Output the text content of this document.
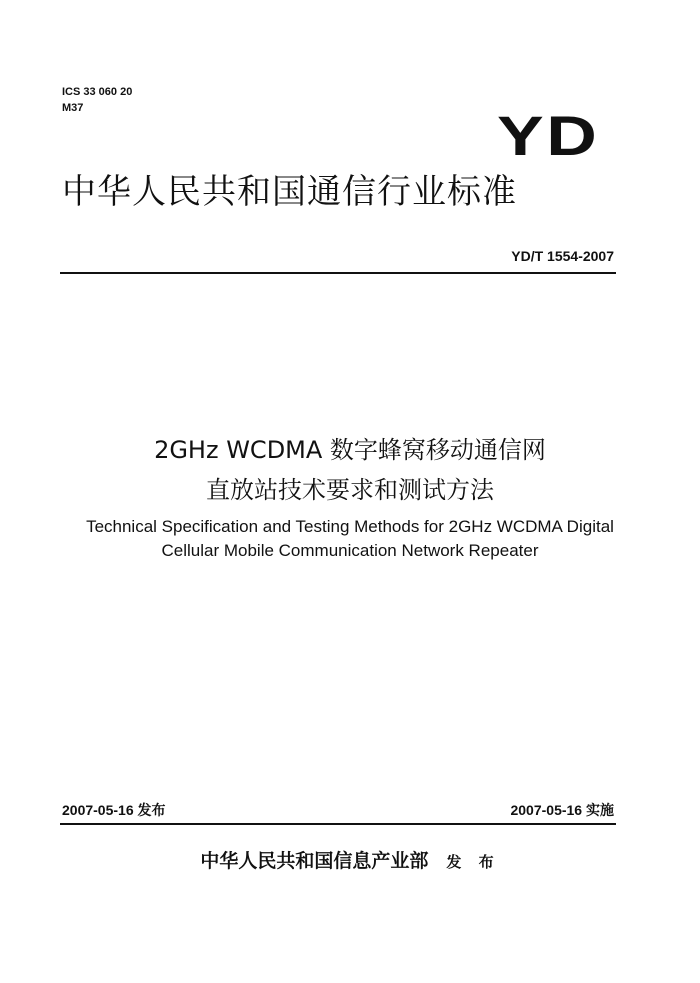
ICS 33 060 20
M37	YD
中华人民共和国通信行业标准
YD/T 1554-2007
2GHz WCDMA 数字蜂窝移动通信网
直放站技术要求和测试方法
Technical Specification and Testing Methods for 2GHz WCDMA Digital
Cellular Mobile Communication Network Repeater
2007-05-16 发布	2007-05-16 实施
中华人民共和国信息产业部 发 布
